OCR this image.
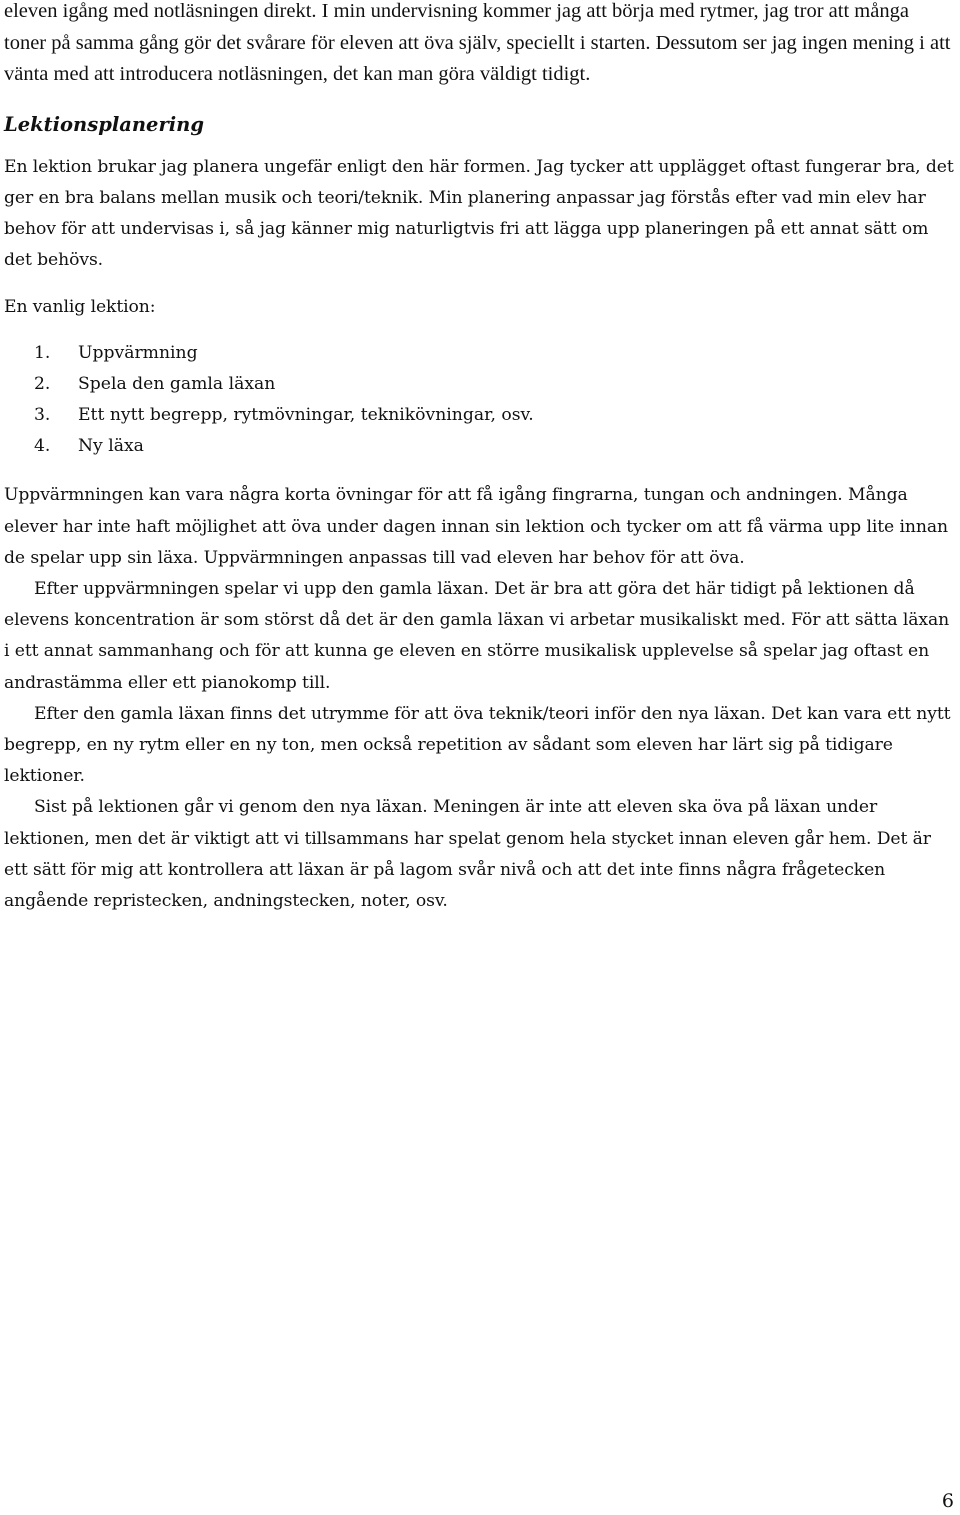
eleven igång med notläsningen direkt. I min undervisning kommer jag att börja med rytmer, jag tror att många toner på samma gång gör det svårare för eleven att öva själv, speciellt i starten. Dessutom ser jag ingen mening i att vänta med att introducera notläsningen, det kan man göra väldigt tidigt.

Lektionsplanering

En lektion brukar jag planera ungefär enligt den här formen. Jag tycker att upplägget oftast fungerar bra, det ger en bra balans mellan musik och teori/teknik. Min planering anpassar jag förstås efter vad min elev har behov för att undervisas i, så jag känner mig naturligtvis fri att lägga upp planeringen på ett annat sätt om det behövs.

En vanlig lektion:

1.	Uppvärmning
2.	Spela den gamla läxan
3.	Ett nytt begrepp, rytmövningar, teknikövningar, osv.
4.	Ny läxa

Uppvärmningen kan vara några korta övningar för att få igång fingrarna, tungan och andningen. Många elever har inte haft möjlighet att öva under dagen innan sin lektion och tycker om att få värma upp lite innan de spelar upp sin läxa. Uppvärmningen anpassas till vad eleven har behov för att öva.

Efter uppvärmningen spelar vi upp den gamla läxan. Det är bra att göra det här tidigt på lektionen då elevens koncentration är som störst då det är den gamla läxan vi arbetar musikaliskt med. För att sätta läxan i ett annat sammanhang och för att kunna ge eleven en större musikalisk upplevelse så spelar jag oftast en andrastämma eller ett pianokomp till.

Efter den gamla läxan finns det utrymme för att öva teknik/teori inför den nya läxan. Det kan vara ett nytt begrepp, en ny rytm eller en ny ton, men också repetition av sådant som eleven har lärt sig på tidigare lektioner.

Sist på lektionen går vi genom den nya läxan. Meningen är inte att eleven ska öva på läxan under lektionen, men det är viktigt att vi tillsammans har spelat genom hela stycket innan eleven går hem. Det är ett sätt för mig att kontrollera att läxan är på lagom svår nivå och att det inte finns några frågetecken angående repristecken, andningstecken, noter, osv.

6
